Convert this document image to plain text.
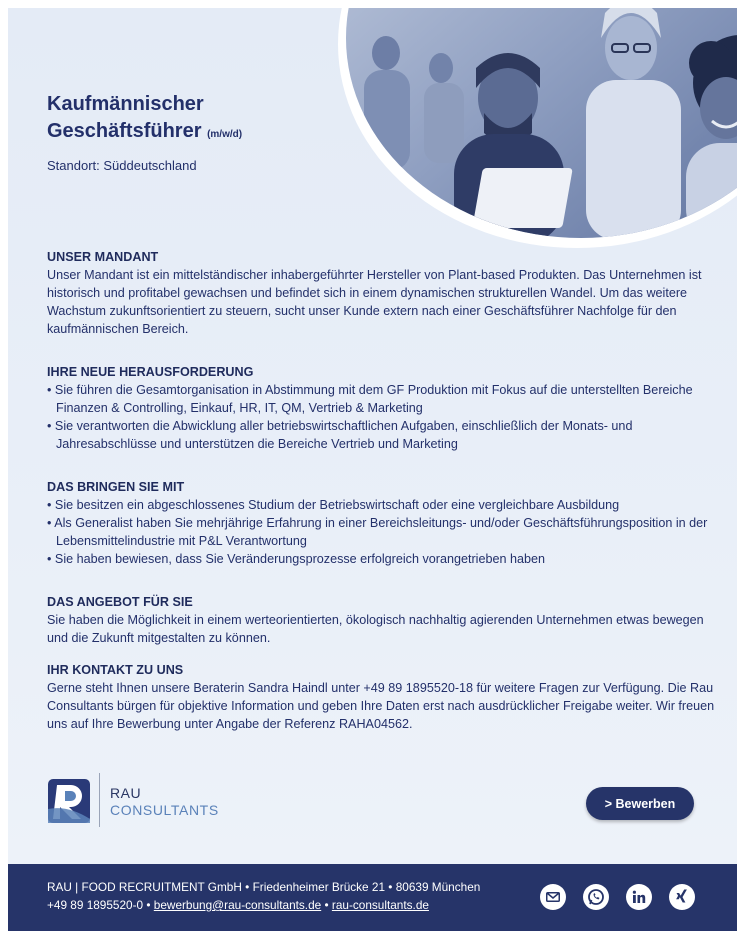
Kaufmännischer
Geschäftsführer (m/w/d)
Standort: Süddeutschland
UNSER MANDANT

Unser Mandant ist ein mittelständischer inhabergeführter Hersteller von Plant-based Produkten. Das Unternehmen ist historisch und profitabel gewachsen und befindet sich in einem dynamischen strukturellen Wandel. Um das weitere Wachstum zukunftsorientiert zu steuern, sucht unser Kunde extern nach einer Geschäftsführer Nachfolge für den kaufmännischen Bereich.

IHRE NEUE HERAUSFORDERUNG
• Sie führen die Gesamtorganisation in Abstimmung mit dem GF Produktion mit Fokus auf die unterstellten Bereiche Finanzen & Controlling, Einkauf, HR, IT, QM, Vertrieb & Marketing
• Sie verantworten die Abwicklung aller betriebswirtschaftlichen Aufgaben, einschließlich der Monats- und Jahresabschlüsse und unterstützen die Bereiche Vertrieb und Marketing
DAS BRINGEN SIE MIT
• Sie besitzen ein abgeschlossenes Studium der Betriebswirtschaft oder eine vergleichbare Ausbildung
• Als Generalist haben Sie mehrjährige Erfahrung in einer Bereichsleitungs- und/oder Geschäftsführungsposition in der Lebensmittelindustrie mit P&L Verantwortung
• Sie haben bewiesen, dass Sie Veränderungsprozesse erfolgreich vorangetrieben haben
DAS ANGEBOT FÜR SIE

Sie haben die Möglichkeit in einem werteorientierten, ökologisch nachhaltig agierenden Unternehmen etwas bewegen und die Zukunft mitgestalten zu können.

IHR KONTAKT ZU UNS

Gerne steht Ihnen unsere Beraterin Sandra Haindl unter +49 89 1895520-18 für weitere Fragen zur Verfügung. Die Rau Consultants bürgen für objektive Information und geben Ihre Daten erst nach ausdrücklicher Freigabe weiter. Wir freuen uns auf Ihre Bewerbung unter Angabe der Referenz RAHA04562.

RAU
CONSULTANTS	> Bewerben
RAU | FOOD RECRUITMENT GmbH • Friedenheimer Brücke 21 • 80639 München
+49 89 1895520-0 • bewerbung@rau-consultants.de • rau-consultants.de
